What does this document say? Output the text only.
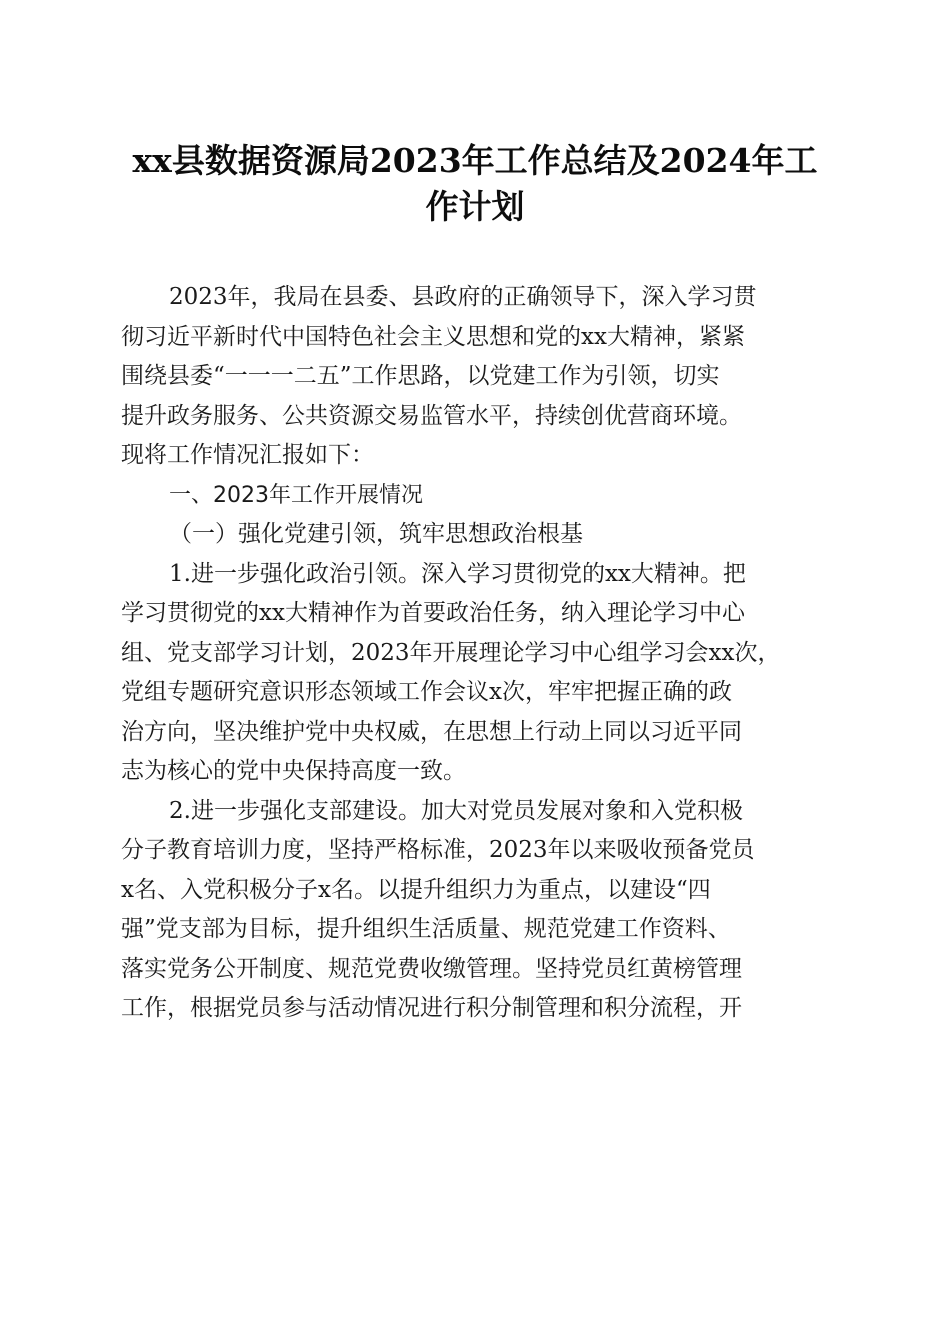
xx县数据资源局2023年工作总结及2024年工
作计划
2023年，我局在县委、县政府的正确领导下，深入学习贯
彻习近平新时代中国特色社会主义思想和党的xx大精神，紧紧
围绕县委“一一一二五”工作思路，以党建工作为引领，切实
提升政务服务、公共资源交易监管水平，持续创优营商环境。
现将工作情况汇报如下：
一、2023年工作开展情况
（一）强化党建引领，筑牢思想政治根基
1.进一步强化政治引领。深入学习贯彻党的xx大精神。把
学习贯彻党的xx大精神作为首要政治任务，纳入理论学习中心
组、党支部学习计划，2023年开展理论学习中心组学习会xx次，
党组专题研究意识形态领域工作会议x次，牢牢把握正确的政
治方向，坚决维护党中央权威，在思想上行动上同以习近平同
志为核心的党中央保持高度一致。
2.进一步强化支部建设。加大对党员发展对象和入党积极
分子教育培训力度，坚持严格标准，2023年以来吸收预备党员
x名、入党积极分子x名。以提升组织力为重点，以建设“四
强”党支部为目标，提升组织生活质量、规范党建工作资料、
落实党务公开制度、规范党费收缴管理。坚持党员红黄榜管理
工作，根据党员参与活动情况进行积分制管理和积分流程，开
